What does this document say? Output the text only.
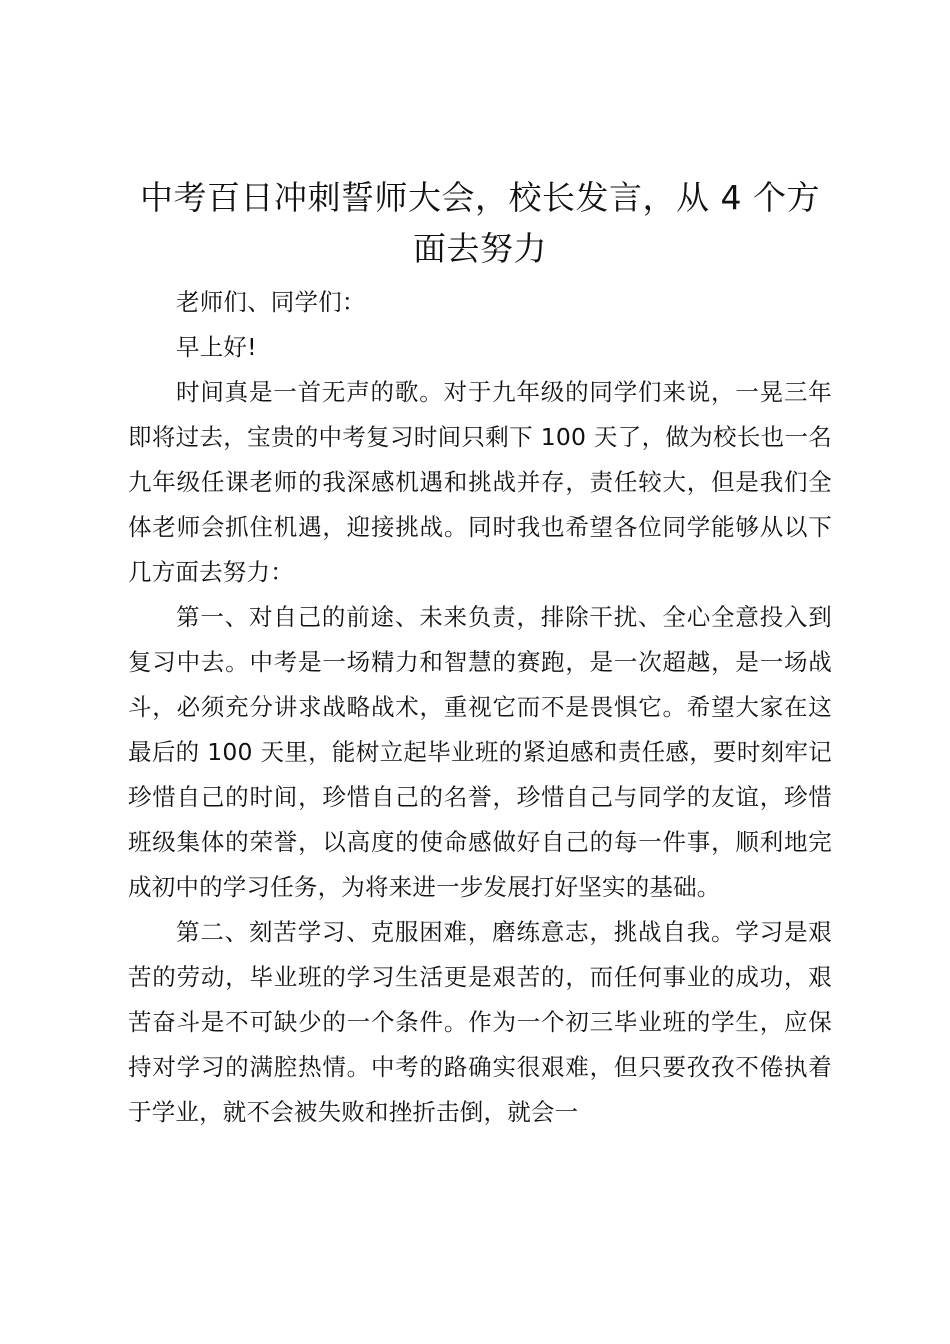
中考百日冲刺誓师大会，校长发言，从 4 个方面去努力

老师们、同学们：

早上好!

时间真是一首无声的歌。对于九年级的同学们来说，一晃三年即将过去，宝贵的中考复习时间只剩下 100 天了，做为校长也一名九年级任课老师的我深感机遇和挑战并存，责任较大，但是我们全体老师会抓住机遇，迎接挑战。同时我也希望各位同学能够从以下几方面去努力：

第一、对自己的前途、未来负责，排除干扰、全心全意投入到复习中去。中考是一场精力和智慧的赛跑，是一次超越，是一场战斗，必须充分讲求战略战术，重视它而不是畏惧它。希望大家在这最后的 100 天里，能树立起毕业班的紧迫感和责任感，要时刻牢记珍惜自己的时间，珍惜自己的名誉，珍惜自己与同学的友谊，珍惜班级集体的荣誉，以高度的使命感做好自己的每一件事，顺利地完成初中的学习任务，为将来进一步发展打好坚实的基础。

第二、刻苦学习、克服困难，磨练意志，挑战自我。学习是艰苦的劳动，毕业班的学习生活更是艰苦的，而任何事业的成功，艰苦奋斗是不可缺少的一个条件。作为一个初三毕业班的学生，应保持对学习的满腔热情。中考的路确实很艰难，但只要孜孜不倦执着于学业，就不会被失败和挫折击倒，就会一
